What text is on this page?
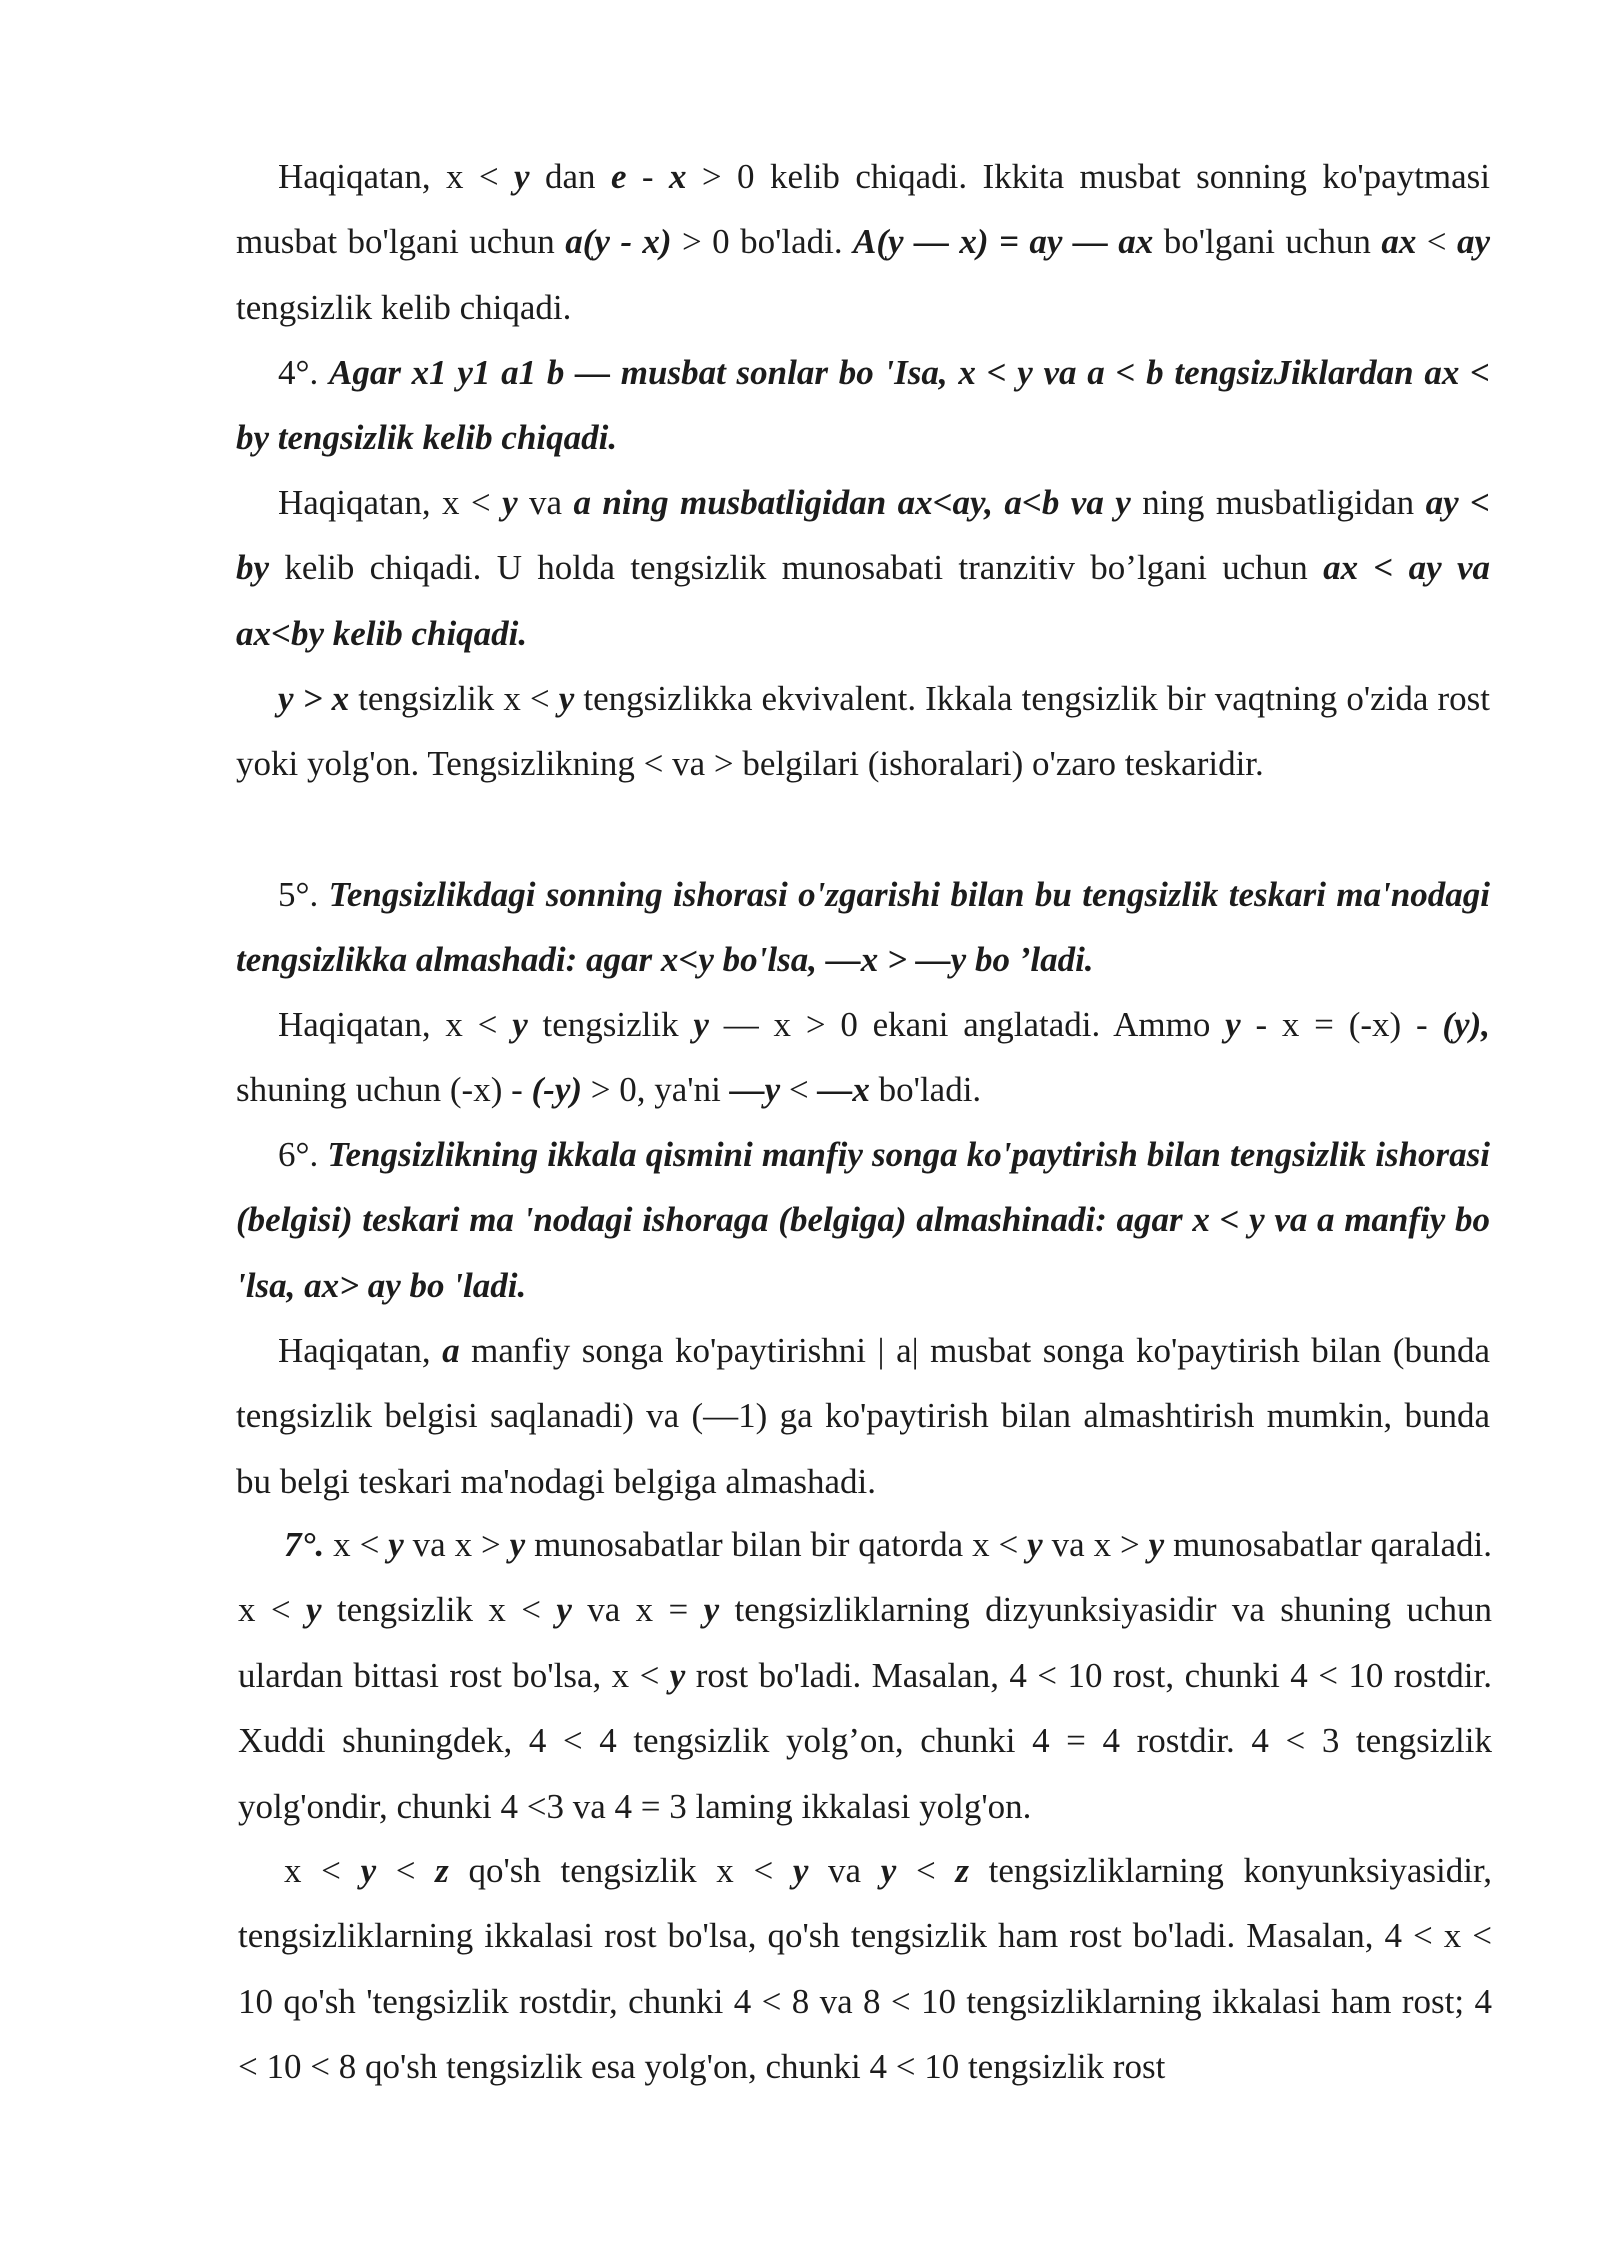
Haqiqatan, x < y dan e - x > 0 kelib chiqadi. Ikkita musbat sonning ko'paytmasi musbat bo'lgani uchun a(y - x) > 0 bo'ladi. A(y — x) = ay — ax bo'lgani uchun ax < ay tengsizlik kelib chiqadi.

4°. Agar x1 y1 a1 b — musbat sonlar bo 'Isa, x < y va a < b tengsizJiklardan ax < by tengsizlik kelib chiqadi.

Haqiqatan, x < y va a ning musbatligidan ax<ay, a<b va y ning musbatligidan ay < by kelib chiqadi. U holda tengsizlik munosabati tranzitiv bo’lgani uchun ax < ay va ax<by kelib chiqadi.

y > x tengsizlik x < y tengsizlikka ekvivalent. Ikkala tengsizlik bir vaqtning o'zida rost yoki yolg'on. Tengsizlikning < va > belgilari (ishoralari) o'zaro teskaridir.

5°. Tengsizlikdagi sonning ishorasi o'zgarishi bilan bu tengsizlik teskari ma'nodagi tengsizlikka almashadi: agar x<y bo'lsa, —x > —y bo ’ladi.

Haqiqatan, x < y tengsizlik y — x > 0 ekani anglatadi. Ammo y - x = (-x) - (y), shuning uchun (-x) - (-y) > 0, ya'ni —y < —x bo'ladi.

6°. Tengsizlikning ikkala qismini manfiy songa ko'paytirish bilan tengsizlik ishorasi (belgisi) teskari ma 'nodagi ishoraga (belgiga) almashinadi: agar x < y va a manfiy bo 'lsa, ax> ay bo 'ladi.

Haqiqatan, a manfiy songa ko'paytirishni | a| musbat songa ko'paytirish bilan (bunda tengsizlik belgisi saqlanadi) va (—1) ga ko'paytirish bilan almashtirish mumkin, bunda bu belgi teskari ma'nodagi belgiga almashadi.

7°. x < y va x > y munosabatlar bilan bir qatorda x < y va x > y munosabatlar qaraladi. x < y tengsizlik x < y va x = y tengsizliklarning dizyunksiyasidir va shuning uchun ulardan bittasi rost bo'lsa, x < y rost bo'ladi. Masalan, 4 < 10 rost, chunki 4 < 10 rostdir. Xuddi shuningdek, 4 < 4 tengsizlik yolg’on, chunki 4 = 4 rostdir. 4 < 3 tengsizlik yolg'ondir, chunki 4 <3 va 4 = 3 laming ikkalasi yolg'on.

x < y < z qo'sh tengsizlik x < y va y < z tengsizliklarning konyunksiyasidir, tengsizliklarning ikkalasi rost bo'lsa, qo'sh tengsizlik ham rost bo'ladi. Masalan, 4 < x < 10 qo'sh 'tengsizlik rostdir, chunki 4 < 8 va 8 < 10 tengsizliklarning ikkalasi ham rost; 4 < 10 < 8 qo'sh tengsizlik esa yolg'on, chunki 4 < 10 tengsizlik rost
